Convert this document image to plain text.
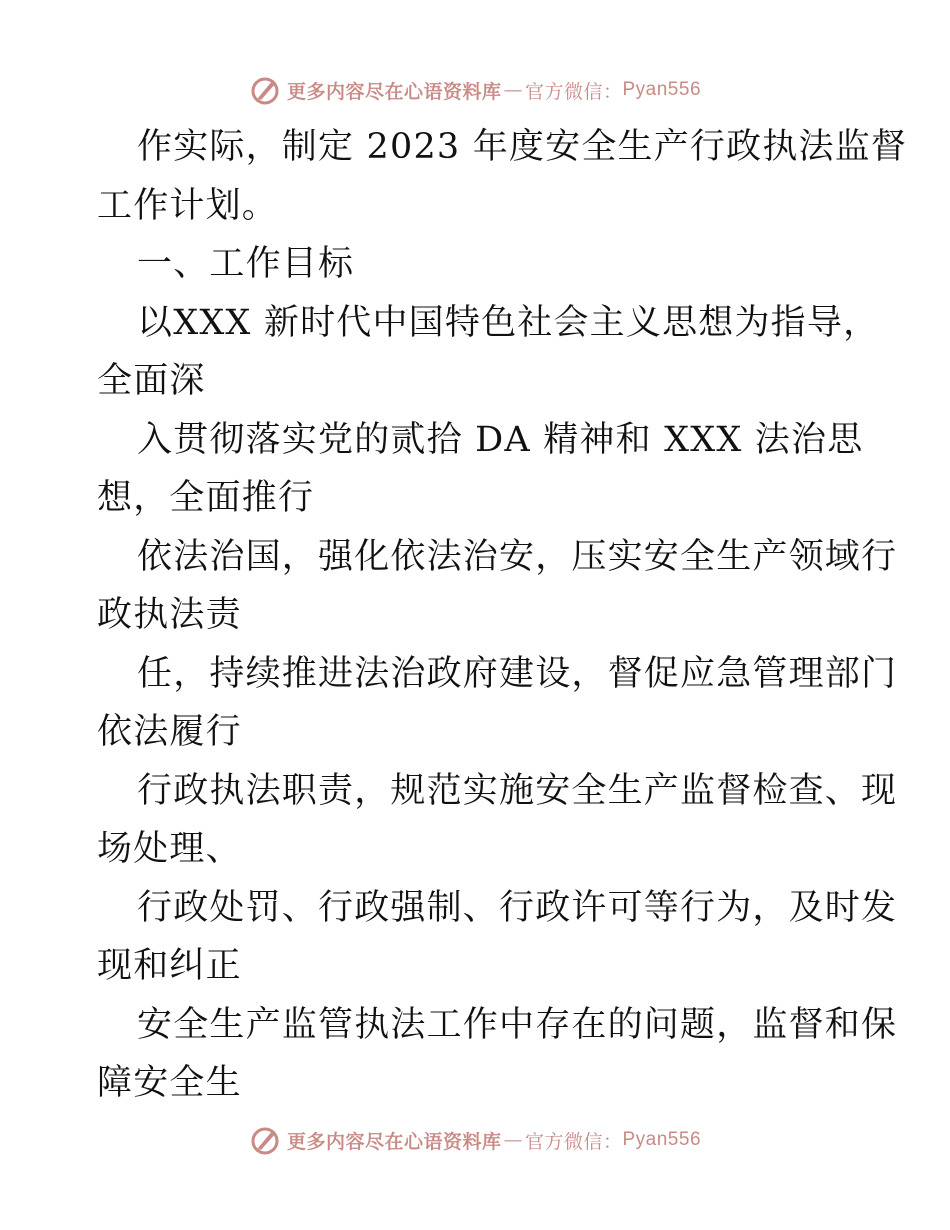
更多内容尽在心语资料库 — 官方微信： Pyan556
作实际，制定 2023 年度安全生产行政执法监督
工作计划。
一、工作目标
以XXX 新时代中国特色社会主义思想为指导，
全面深
入贯彻落实党的贰拾 DA 精神和 XXX 法治思
想，全面推行
依法治国，强化依法治安，压实安全生产领域行
政执法责
任，持续推进法治政府建设，督促应急管理部门
依法履行
行政执法职责，规范实施安全生产监督检查、现
场处理、
行政处罚、行政强制、行政许可等行为，及时发
现和纠正
安全生产监管执法工作中存在的问题，监督和保
障安全生
更多内容尽在心语资料库 — 官方微信： Pyan556
